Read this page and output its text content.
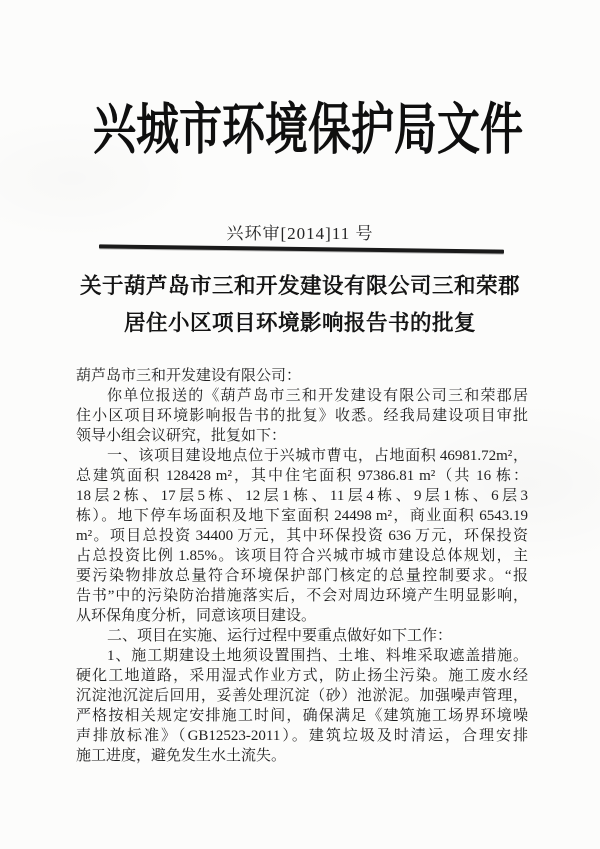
兴城市环境保护局文件
兴环审[2014]11 号
关于葫芦岛市三和开发建设有限公司三和荣郡
居住小区项目环境影响报告书的批复
葫芦岛市三和开发建设有限公司：
你单位报送的《葫芦岛市三和开发建设有限公司三和荣郡居
住小区项目环境影响报告书的批复》收悉。经我局建设项目审批
领导小组会议研究，批复如下：
一、该项目建设地点位于兴城市曹屯，占地面积 46981.72m²，
总建筑面积 128428 m²，其中住宅面积 97386.81 m²（共 16 栋：
18层2栋、17层5栋、12层1栋、11层4栋、9层1栋、6层3
栋）。地下停车场面积及地下室面积 24498 m²，商业面积 6543.19
m²。项目总投资 34400 万元，其中环保投资 636 万元，环保投资
占总投资比例 1.85%。该项目符合兴城市城市建设总体规划，主
要污染物排放总量符合环境保护部门核定的总量控制要求。“报
告书”中的污染防治措施落实后，不会对周边环境产生明显影响，
从环保角度分析，同意该项目建设。
二、项目在实施、运行过程中要重点做好如下工作：
1、施工期建设土地须设置围挡、土堆、料堆采取遮盖措施。
硬化工地道路，采用湿式作业方式，防止扬尘污染。施工废水经
沉淀池沉淀后回用，妥善处理沉淀（砂）池淤泥。加强噪声管理，
严格按相关规定安排施工时间，确保满足《建筑施工场界环境噪
声排放标准》（GB12523-2011）。建筑垃圾及时清运，合理安排
施工进度，避免发生水土流失。
